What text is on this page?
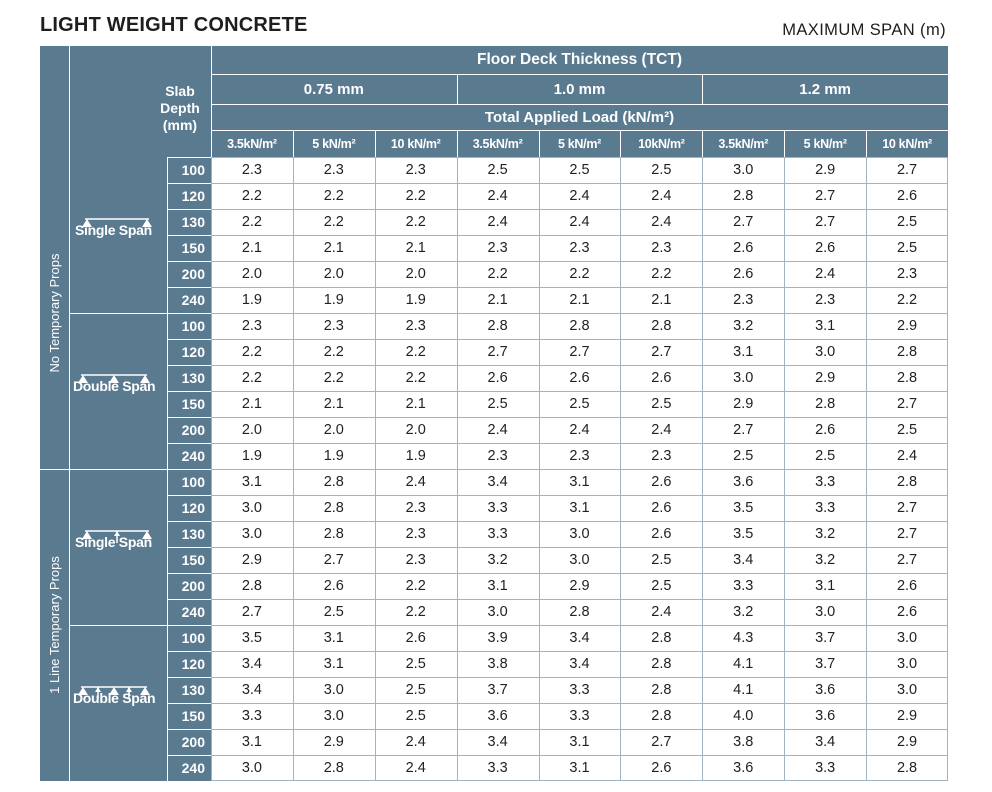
LIGHT WEIGHT CONCRETE	MAXIMUM SPAN (m)
Floor Deck Thickness (TCT)
0.75 mm	1.0 mm	1.2 mm
Total Applied Load (kN/m²)
3.5kN/m²	5 kN/m²	10 kN/m²	3.5kN/m²	5 kN/m²	10kN/m²	3.5kN/m²	5 kN/m²	10 kN/m²
Slab
Depth
(mm)
No Temporary Props
Single Span
100	2.3	2.3	2.3	2.5	2.5	2.5	3.0	2.9	2.7
120	2.2	2.2	2.2	2.4	2.4	2.4	2.8	2.7	2.6
130	2.2	2.2	2.2	2.4	2.4	2.4	2.7	2.7	2.5
150	2.1	2.1	2.1	2.3	2.3	2.3	2.6	2.6	2.5
200	2.0	2.0	2.0	2.2	2.2	2.2	2.6	2.4	2.3
240	1.9	1.9	1.9	2.1	2.1	2.1	2.3	2.3	2.2
Double Span
100	2.3	2.3	2.3	2.8	2.8	2.8	3.2	3.1	2.9
120	2.2	2.2	2.2	2.7	2.7	2.7	3.1	3.0	2.8
130	2.2	2.2	2.2	2.6	2.6	2.6	3.0	2.9	2.8
150	2.1	2.1	2.1	2.5	2.5	2.5	2.9	2.8	2.7
200	2.0	2.0	2.0	2.4	2.4	2.4	2.7	2.6	2.5
240	1.9	1.9	1.9	2.3	2.3	2.3	2.5	2.5	2.4
1 Line Temporary Props
Single Span
100	3.1	2.8	2.4	3.4	3.1	2.6	3.6	3.3	2.8
120	3.0	2.8	2.3	3.3	3.1	2.6	3.5	3.3	2.7
130	3.0	2.8	2.3	3.3	3.0	2.6	3.5	3.2	2.7
150	2.9	2.7	2.3	3.2	3.0	2.5	3.4	3.2	2.7
200	2.8	2.6	2.2	3.1	2.9	2.5	3.3	3.1	2.6
240	2.7	2.5	2.2	3.0	2.8	2.4	3.2	3.0	2.6
Double Span
100	3.5	3.1	2.6	3.9	3.4	2.8	4.3	3.7	3.0
120	3.4	3.1	2.5	3.8	3.4	2.8	4.1	3.7	3.0
130	3.4	3.0	2.5	3.7	3.3	2.8	4.1	3.6	3.0
150	3.3	3.0	2.5	3.6	3.3	2.8	4.0	3.6	2.9
200	3.1	2.9	2.4	3.4	3.1	2.7	3.8	3.4	2.9
240	3.0	2.8	2.4	3.3	3.1	2.6	3.6	3.3	2.8
